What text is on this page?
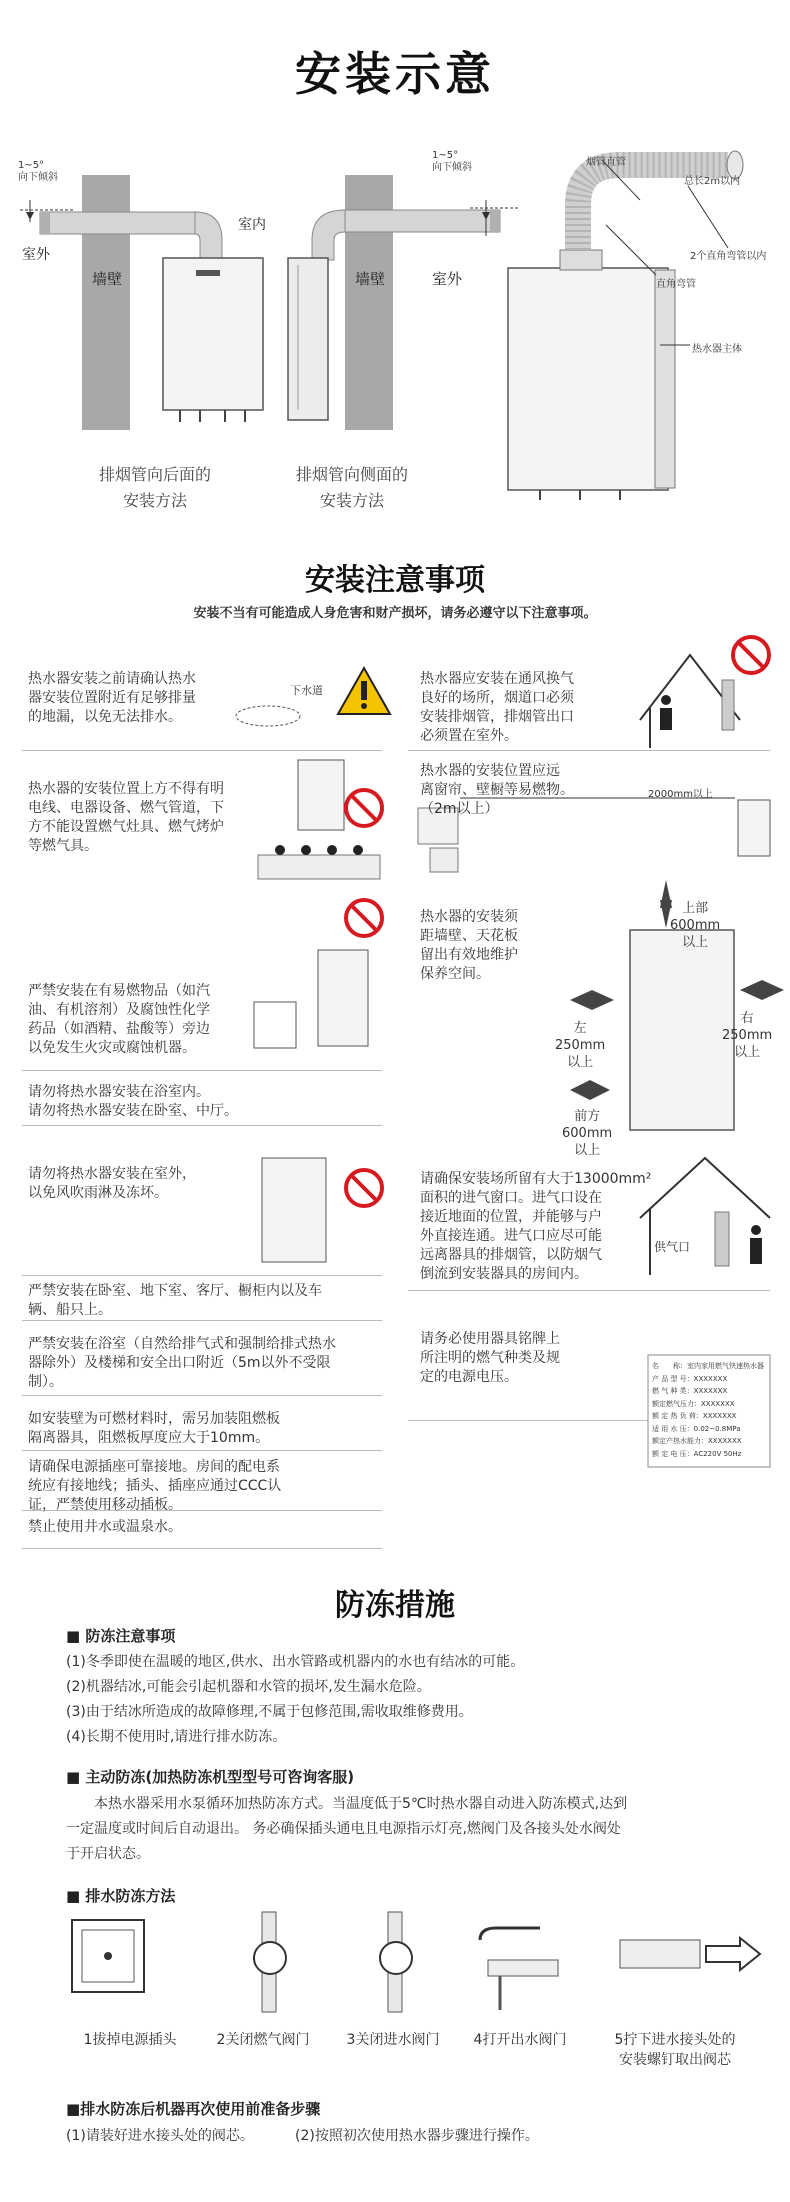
安装示意
1~5°
向下倾斜
室外
墙壁
室内
排烟管向后面的
安装方法
1~5°
向下倾斜
墙壁	室外
排烟管向侧面的
安装方法
烟管直管
总长2m以内
2个直角弯管以内
直角弯管
热水器主体
安装注意事项
安装不当有可能造成人身危害和财产损坏，请务必遵守以下注意事项。
热水器安装之前请确认热水
器安装位置附近有足够排量
的地漏，以免无法排水。
下水道
热水器应安装在通风换气
良好的场所，烟道口必须
安装排烟管，排烟管出口
必须置在室外。
热水器的安装位置上方不得有明
电线、电器设备、燃气管道，下
方不能设置燃气灶具、燃气烤炉
等燃气具。
热水器的安装位置应远
离窗帘、壁橱等易燃物。
（2m以上）
2000mm以上
热水器的安装须
距墙壁、天花板
留出有效地维护
保养空间。
上部
600mm
以上
左
250mm
以上
右
250mm
以上
前方
600mm
以上
严禁安装在有易燃物品（如汽
油、有机溶剂）及腐蚀性化学
药品（如酒精、盐酸等）旁边
以免发生火灾或腐蚀机器。
请勿将热水器安装在浴室内。
请勿将热水器安装在卧室、中厅。
请勿将热水器安装在室外，
以免风吹雨淋及冻坏。
请确保安装场所留有大于13000mm²
面积的进气窗口。进气口设在
接近地面的位置，并能够与户
外直接连通。进气口应尽可能
远离器具的排烟管，以防烟气
倒流到安装器具的房间内。
供气口
严禁安装在卧室、地下室、客厅、橱柜内以及车
辆、船只上。
严禁安装在浴室（自然给排气式和强制给排式热水
器除外）及楼梯和安全出口附近（5m以外不受限
制）。
请务必使用器具铭牌上
所注明的燃气种类及规
定的电源电压。
名　　称：室内家用燃气快速热水器
产 品 型 号：XXXXXXX
燃 气 种 类：XXXXXXX
额定燃气压力：XXXXXXX
额 定 热 负 荷：XXXXXXX
适 用 水 压：0.02~0.8MPa
额定产热水能力：XXXXXXX
额 定 电 压：AC220V 50Hz
如安装壁为可燃材料时，需另加装阻燃板
隔离器具，阻燃板厚度应大于10mm。
请确保电源插座可靠接地。房间的配电系
统应有接地线；插头、插座应通过CCC认
证，严禁使用移动插板。
禁止使用井水或温泉水。
防冻措施
■ 防冻注意事项
(1)冬季即使在温暖的地区,供水、出水管路或机器内的水也有结冰的可能。
(2)机器结冰,可能会引起机器和水管的损坏,发生漏水危险。
(3)由于结冰所造成的故障修理,不属于包修范围,需收取维修费用。
(4)长期不使用时,请进行排水防冻。
■ 主动防冻(加热防冻机型型号可咨询客服)
　　本热水器采用水泵循环加热防冻方式。当温度低于5℃时热水器自动进入防冻模式,达到
一定温度或时间后自动退出。 务必确保插头通电且电源指示灯亮,燃阀门及各接头处水阀处
于开启状态。
■ 排水防冻方法
1拔掉电源插头	2关闭燃气阀门	3关闭进水阀门	4打开出水阀门	5拧下进水接头处的
安装螺钉取出阀芯
■排水防冻后机器再次使用前准备步骤
(1)请装好进水接头处的阀芯。	(2)按照初次使用热水器步骤进行操作。
